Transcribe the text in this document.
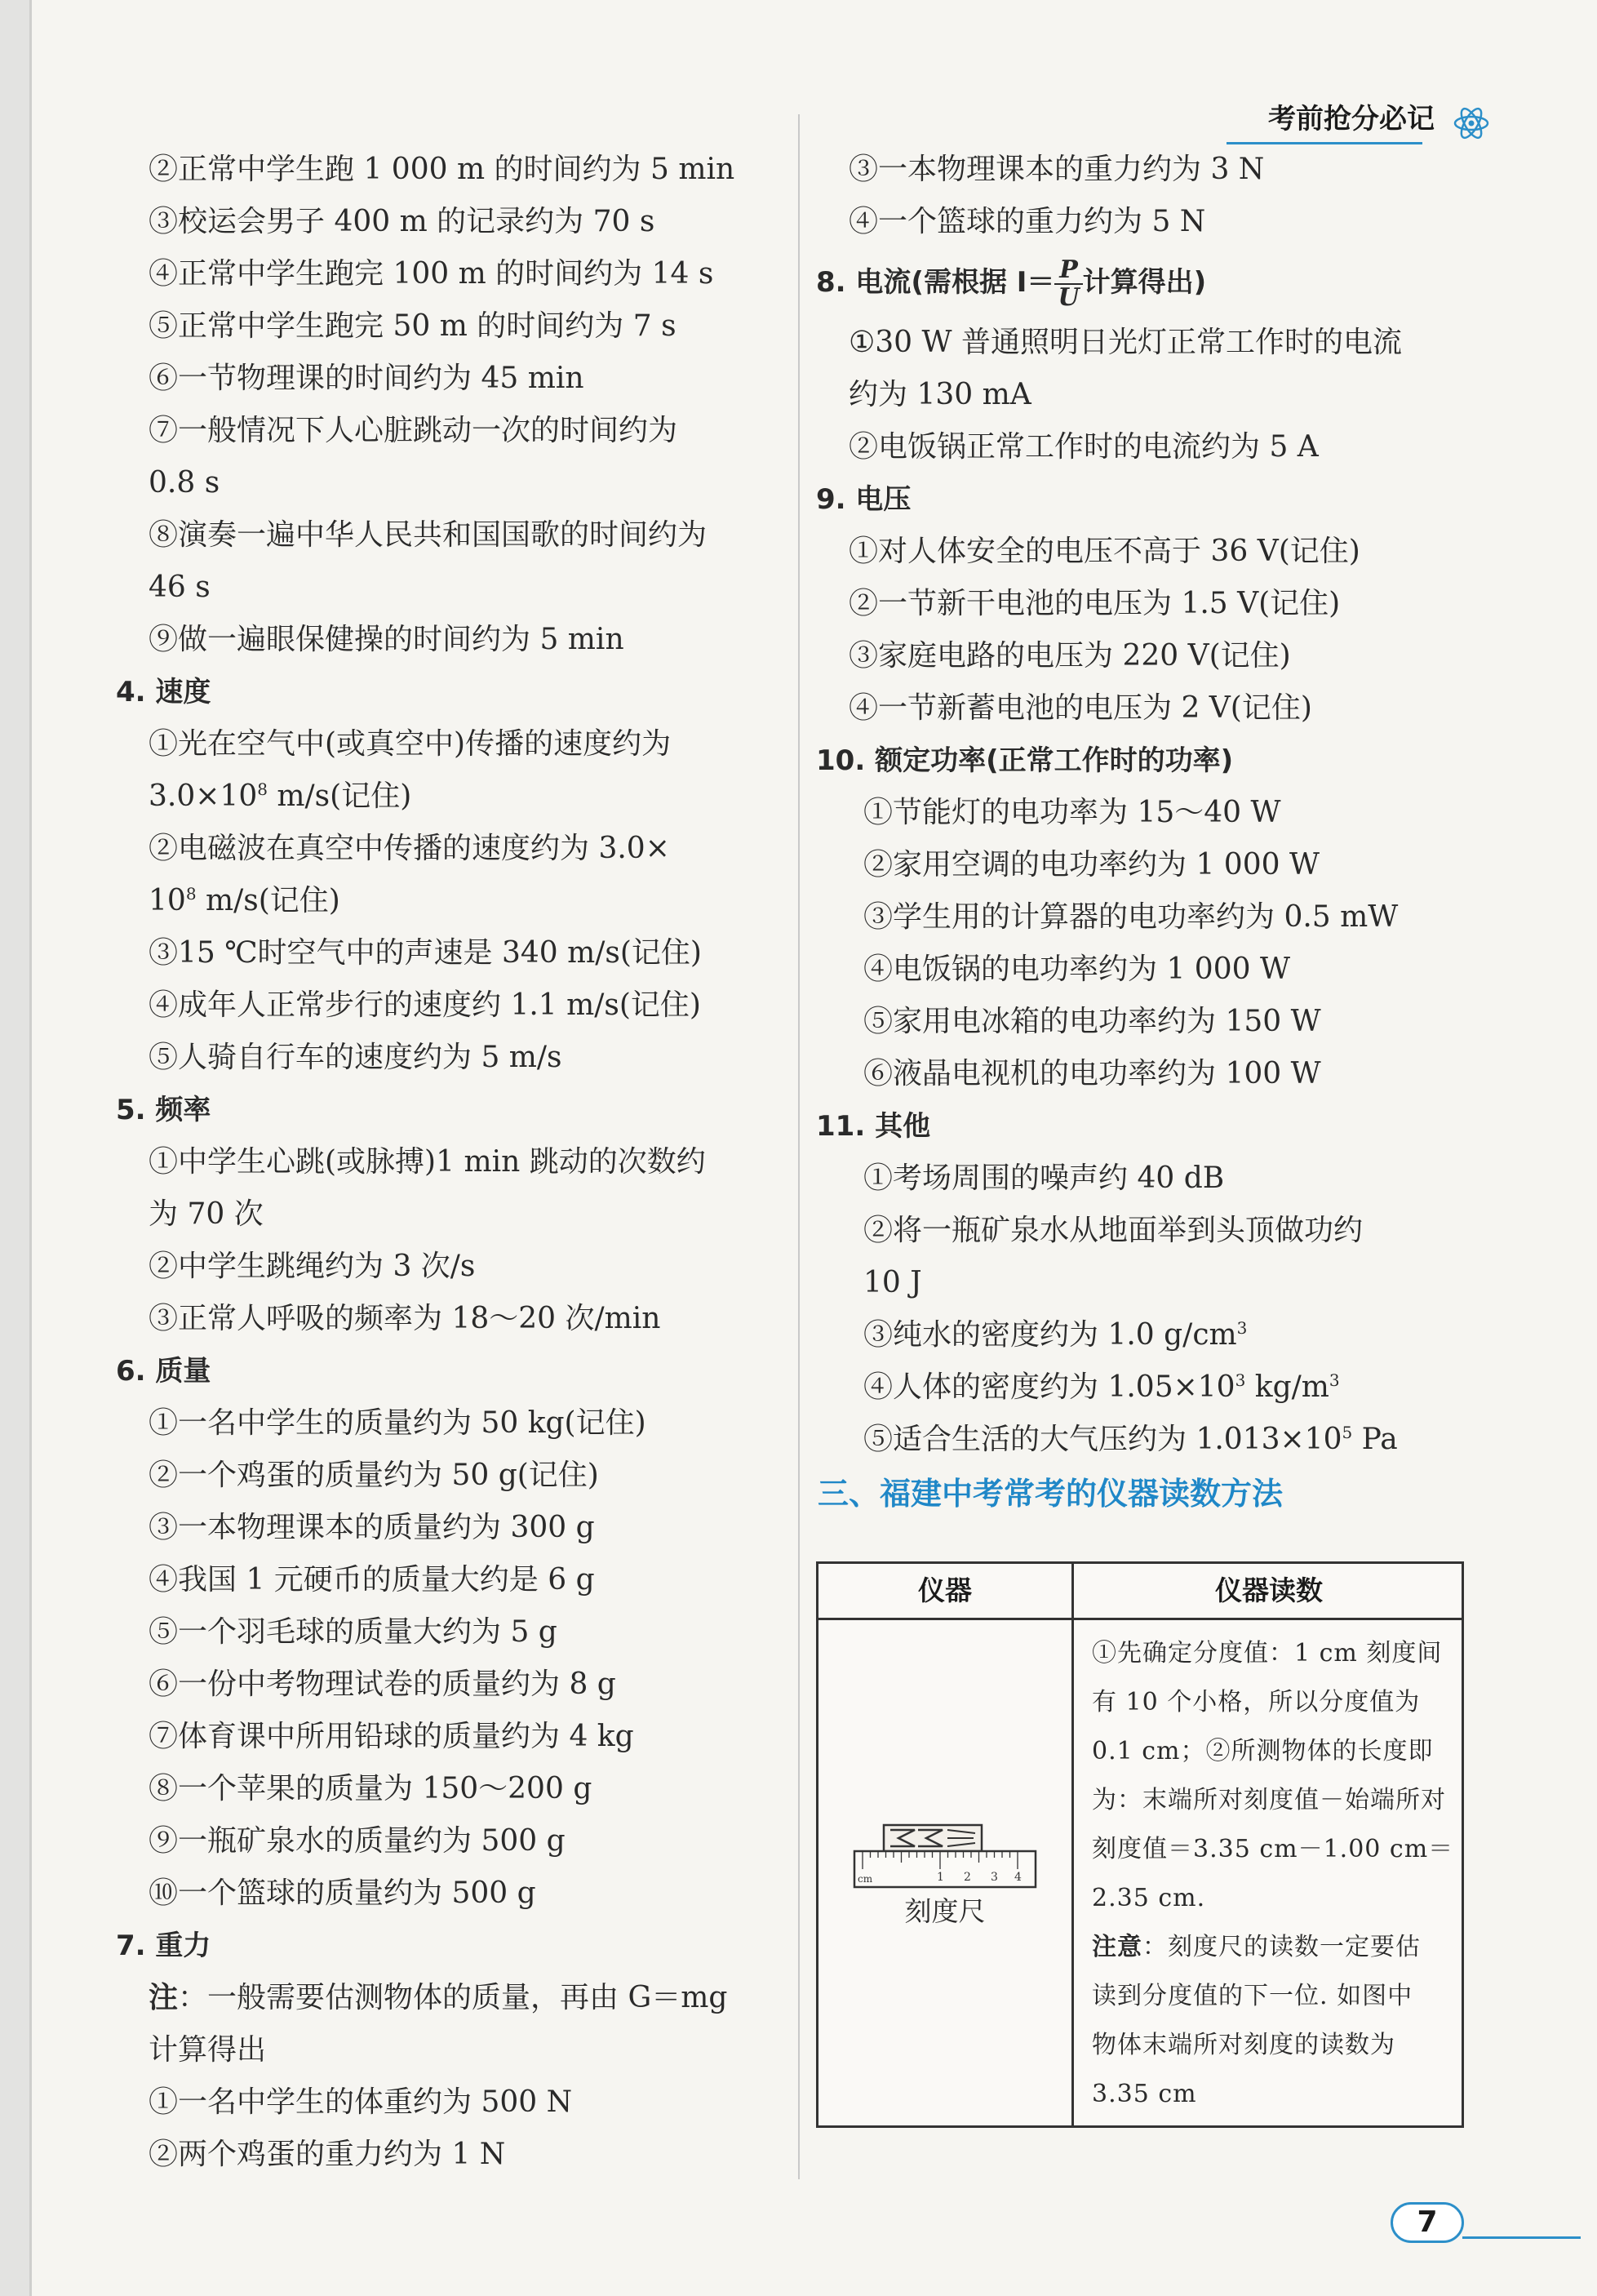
考前抢分必记
②正常中学生跑 1 000 m 的时间约为 5 min
③校运会男子 400 m 的记录约为 70 s
④正常中学生跑完 100 m 的时间约为 14 s
⑤正常中学生跑完 50 m 的时间约为 7 s
⑥一节物理课的时间约为 45 min
⑦一般情况下人心脏跳动一次的时间约为
0.8 s
⑧演奏一遍中华人民共和国国歌的时间约为
46 s
⑨做一遍眼保健操的时间约为 5 min
4. 速度
①光在空气中(或真空中)传播的速度约为
$3.0\times 10^8$ m/s(记住)
②电磁波在真空中传播的速度约为 3.0×
$10^8$ m/s(记住)
③15 ℃时空气中的声速是 340 m/s(记住)
④成年人正常步行的速度约 1.1 m/s(记住)
⑤人骑自行车的速度约为 5 m/s
5. 频率
①中学生心跳(或脉搏)1 min 跳动的次数约
为 70 次
②中学生跳绳约为 3 次/s
③正常人呼吸的频率为 18～20 次/min
6. 质量
①一名中学生的质量约为 50 kg(记住)
②一个鸡蛋的质量约为 50 g(记住)
③一本物理课本的质量约为 300 g
④我国 1 元硬币的质量大约是 6 g
⑤一个羽毛球的质量大约为 5 g
⑥一份中考物理试卷的质量约为 8 g
⑦体育课中所用铅球的质量约为 4 kg
⑧一个苹果的质量为 150～200 g
⑨一瓶矿泉水的质量约为 500 g
⑩一个篮球的质量约为 500 g
7. 重力
注：一般需要估测物体的质量，再由 G＝mg
计算得出
①一名中学生的体重约为 500 N
②两个鸡蛋的重力约为 1 N
③一本物理课本的重力约为 3 N
④一个篮球的重力约为 5 N
8. 电流(需根据 $I= \frac{P}{U}$ 计算得出)
①30 W 普通照明日光灯正常工作时的电流
约为 130 mA
②电饭锅正常工作时的电流约为 5 A
9. 电压
①对人体安全的电压不高于 36 V(记住)
②一节新干电池的电压为 1.5 V(记住)
③家庭电路的电压为 220 V(记住)
④一节新蓄电池的电压为 2 V(记住)
10. 额定功率(正常工作时的功率)
①节能灯的电功率为 15～40 W
②家用空调的电功率约为 1 000 W
③学生用的计算器的电功率约为 0.5 mW
④电饭锅的电功率约为 1 000 W
⑤家用电冰箱的电功率约为 150 W
⑥液晶电视机的电功率约为 100 W
11. 其他
①考场周围的噪声约 40 dB
②将一瓶矿泉水从地面举到头顶做功约
10 J
③纯水的密度约为 1.0 $g/cm^3$
④人体的密度约为 $1.05\times 10^3$ $kg/m^3$
⑤适合生活的大气压约为 $1.013\times 10^5$ Pa
三、福建中考常考的仪器读数方法
仪器	仪器读数
cm	1 2 3 4
刻度尺
①先确定分度值：1 cm 刻度间
有 10 个小格，所以分度值为
0.1 cm；②所测物体的长度即
为：末端所对刻度值－始端所对
刻度值＝3.35 cm－1.00 cm＝
2.35 cm.
注意：刻度尺的读数一定要估
读到分度值的下一位. 如图中
物体末端所对刻度的读数为
3.35 cm
7
